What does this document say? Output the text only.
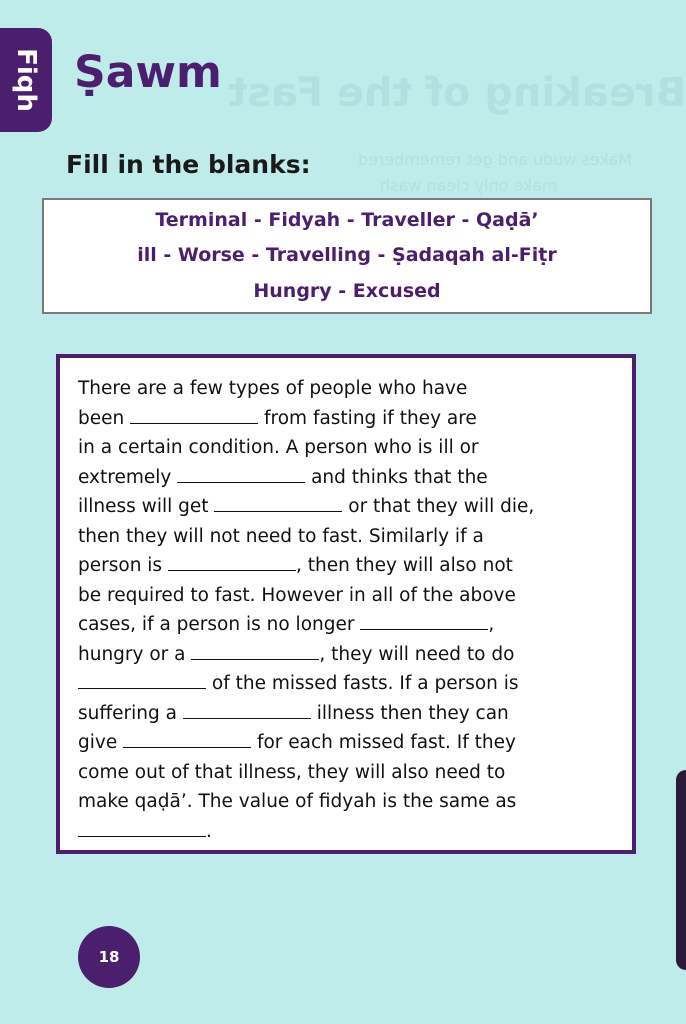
Breaking of the Fast
Makes wudu and get remembered
make only clean wash
Fiqh Ṣawm
Fill in the blanks:
Terminal - Fidyah - Traveller - Qaḍā’
ill - Worse - Travelling - Ṣadaqah al-Fiṭr
Hungry - Excused
There are a few types of people who have
been	from fasting if they are
in a certain condition. A person who is ill or
extremely	and thinks that the
illness will get	or that they will die,
then they will not need to fast. Similarly if a
person is	, then they will also not
be required to fast. However in all of the above
cases, if a person is no longer	,
hungry or a	, they will need to do
of the missed fasts. If a person is
suffering a	illness then they can
give	for each missed fast. If they
come out of that illness, they will also need to
make qaḍā’. The value of fidyah is the same as
.
18
